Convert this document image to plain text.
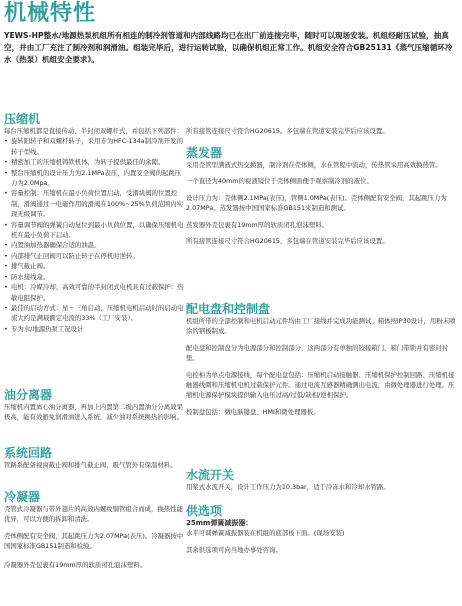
机械特性
YEWS-HP整水/地源热泵机组所有相连的制冷剂管道和内部线路均已在出厂前连接完毕，随时可以现场安装。机组经耐压试验，抽真空，并由工厂充注了制冷剂和润滑油。组装完毕后，进行运转试验，以确保机组正常工作。机组安全符合GB25131《蒸气压缩循环冷水（热泵）机组安全要求》。
压缩机

每台压缩机都是直接传动、半封闭双螺杆式，并包括下列部件：

• 旋转阳转子和双螺杆转子，采用专为HFC-134a制冷剂开发的转子型线。
• 精密加工的压缩机铸铁机体，为转子提供最佳的余隙。
• 整台压缩机的设计压力为2.1MPa表压，内置安全阀的起跳压力为2.0Mpa。
• 容量控制：压缩机在最小负荷位置启动，受滑块阀的位置控制，滑阀通过一电磁作用的滑阀在100%~25%负荷范围内实现无级调节。
• 容量调节阀的弹簧自动复位到最小负荷位置，以确保压缩机电机在最小负荷下启动。
• 内置油加热器确保合适的油温。
• 内部排气止回阀可以防止转子在停机时逆转。
• 排气截止阀。
• 防水接线盒。
• 电机：冷媒冷却、高效可靠的半封闭式电机具有过载保护：热敏电阻保护。
• 最佳的启动方式：星－三角启动，压缩机电机启动时的启动电流大约是满载额定电流的33%（工厂安装）。
• 专为水/地源热泵工况设计
油分离器

压缩机内置离心油分离器，再加上内置第二级内置油分分离效果极高，能有效避免润滑油进入系统，减少油对系统换热的影响。

系统回路

管路系配备视窗截止阀和排气截止阀，吸气管外有保温材料。

冷凝器

壳管式冷凝器与带外翅片的高效内螺纹铜管组合而成，换热性能优异，可以方便的拆卸和清洗。

壳体侧配有安全阀，其起跳压力为2.07MPa(表压)。冷凝器按中国国家标准GB151制造和检验。

冷凝器外壳包裹有19mm厚的软质闭孔泡沫塑料。

所有接管连接尺寸符合HG20615。多包端在管道安装完毕后应该设置。

蒸发器

采用壳管型满液式热交换器，制冷剂在壳体侧，水在管程中流动，传热管采用高效换热管。

一个直径为40mm的视液镜位于壳体侧面便于观察制冷剂的液位。

设计压力为：壳体侧2.1MPa(表压)，管侧1.0MPa(表压)。壳体侧配有安全阀，其起跳压力为2.07MPa。蒸发器按中国国家标准GB151来制造和测试。

蒸发器外壳包裹有19mm厚的软质闭孔泡沫塑料。

所有接管连接尺寸符合HG20615，多包端在管道安装完毕后应该设置。

配电盘和控制盘

机组所带的全部控制和电机启动元件均由工厂接线并完成功能测试。箱体按IP30设计，用粉末喷涂的钢板制成。

配电盘和控制盘分为电源部分和控制部分，这两部分有单独的铰接箱门，箱门带锁并有密封衬垫。

电控柜为单点电源接线，每个配电盘包括：压缩机启动接触器、压缩机保护控制回路、压缩机接触器线圈和压缩机电机过载保护元件。通过电流互感器精确测出电流，由微处理器进行处理。压缩机电源保护模块提供输入电压过高/过低/缺相/逆相保护。

控制盘包括：微电脑键盘、HMI和微处理器板。

水流开关

用桨式水流开关，设计工作压力为10.3bar，适于冷冻水和冷却水管路。

供选项

25mm弹簧减振器：

水平可调弹簧减振器装在机组的底部板下面。(现场安装)

其余供选项可向当地办事处咨询。
